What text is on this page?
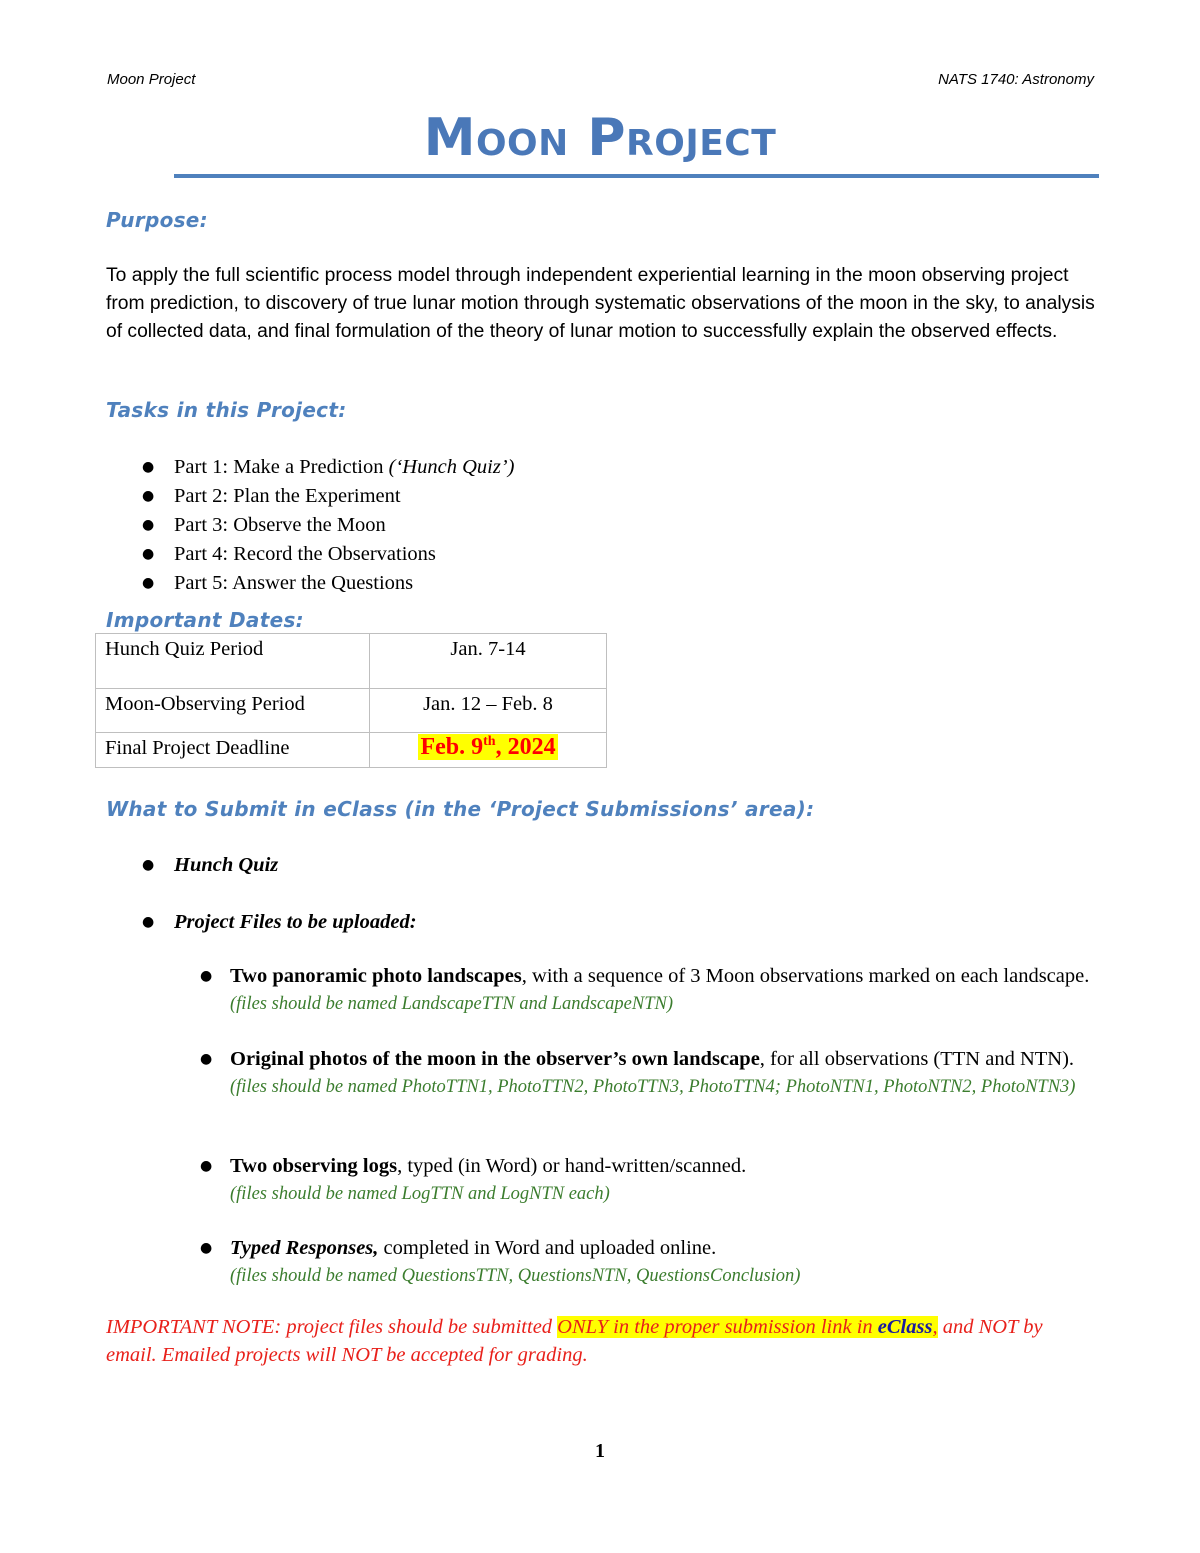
Moon Project	NATS 1740: Astronomy
Moon Project
Purpose:
To apply the full scientific process model through independent experiential learning in the moon observing project from prediction, to discovery of true lunar motion through systematic observations of the moon in the sky, to analysis of collected data, and final formulation of the theory of lunar motion to successfully explain the observed effects.
Tasks in this Project:
● Part 1: Make a Prediction (‘Hunch Quiz’)
● Part 2: Plan the Experiment
● Part 3: Observe the Moon
● Part 4: Record the Observations
● Part 5: Answer the Questions
Important Dates:
Hunch Quiz Period	Jan. 7-14
Moon-Observing Period	Jan. 12 – Feb. 8
Final Project Deadline	Feb. 9th, 2024
What to Submit in eClass (in the ‘Project Submissions’ area):
● Hunch Quiz
● Project Files to be uploaded:
● Two panoramic photo landscapes, with a sequence of 3 Moon observations marked on each landscape. (files should be named LandscapeTTN and LandscapeNTN)
● Original photos of the moon in the observer’s own landscape, for all observations (TTN and NTN). (files should be named PhotoTTN1, PhotoTTN2, PhotoTTN3, PhotoTTN4; PhotoNTN1, PhotoNTN2, PhotoNTN3)
● Two observing logs, typed (in Word) or hand-written/scanned.
(files should be named LogTTN and LogNTN each)
● Typed Responses, completed in Word and uploaded online.
(files should be named QuestionsTTN, QuestionsNTN, QuestionsConclusion)
IMPORTANT NOTE: project files should be submitted ONLY in the proper submission link in eClass, and NOT by email. Emailed projects will NOT be accepted for grading.
1
